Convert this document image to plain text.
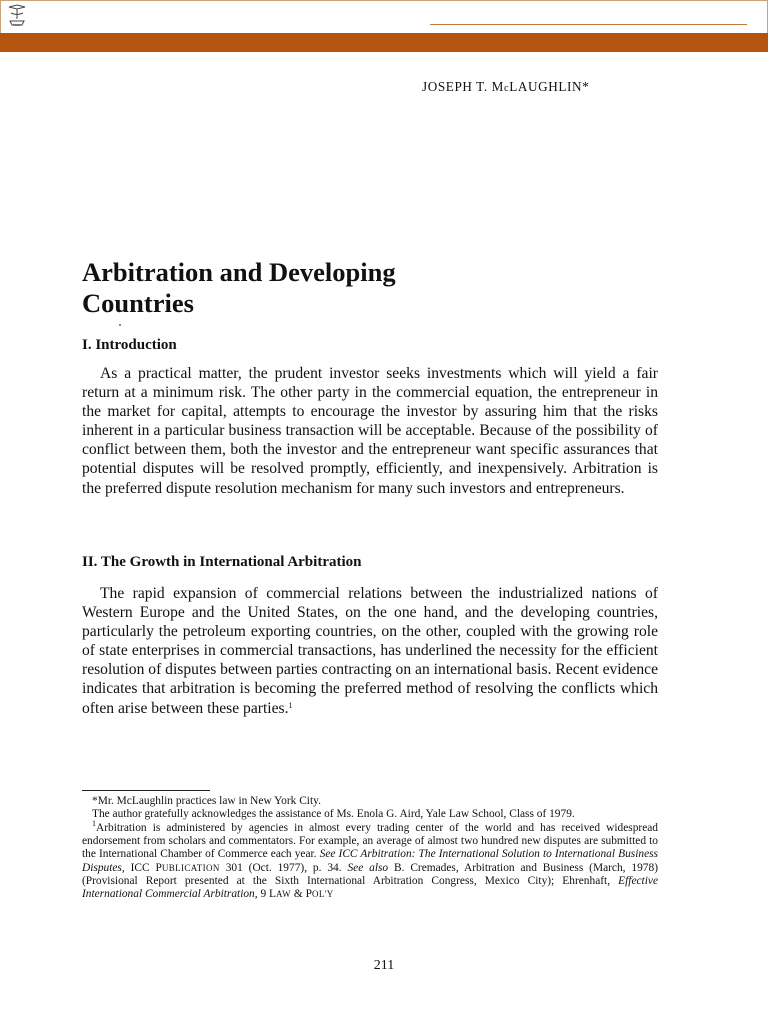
JOSEPH T. McLAUGHLIN*
Arbitration and Developing
Countries
I. Introduction

As a practical matter, the prudent investor seeks investments which will yield a fair return at a minimum risk. The other party in the commercial equation, the entrepreneur in the market for capital, attempts to encourage the investor by assuring him that the risks inherent in a particular business transaction will be acceptable. Because of the possibility of conflict between them, both the investor and the entrepreneur want specific assurances that potential disputes will be resolved promptly, efficiently, and inexpensively. Arbitration is the preferred dispute resolution mechanism for many such investors and entrepreneurs.

II. The Growth in International Arbitration

The rapid expansion of commercial relations between the industrialized nations of Western Europe and the United States, on the one hand, and the developing countries, particularly the petroleum exporting countries, on the other, coupled with the growing role of state enterprises in commercial transactions, has underlined the necessity for the efficient resolution of disputes between parties contracting on an international basis. Recent evidence indicates that arbitration is becoming the preferred method of resolving the conflicts which often arise between these parties.$^1$

*Mr. McLaughlin practices law in New York City.

The author gratefully acknowledges the assistance of Ms. Enola G. Aird, Yale Law School, Class of 1979.

$^1$Arbitration is administered by agencies in almost every trading center of the world and has received widespread endorsement from scholars and commentators. For example, an average of almost two hundred new disputes are submitted to the International Chamber of Commerce each year. See ICC Arbitration: The International Solution to International Business Disputes, ICC PUBLICATION 301 (Oct. 1977), p. 34. See also B. Cremades, Arbitration and Business (March, 1978) (Provisional Report presented at the Sixth International Arbitration Congress, Mexico City); Ehrenhaft, Effective International Commercial Arbitration, 9 LAW & POL'Y

211
